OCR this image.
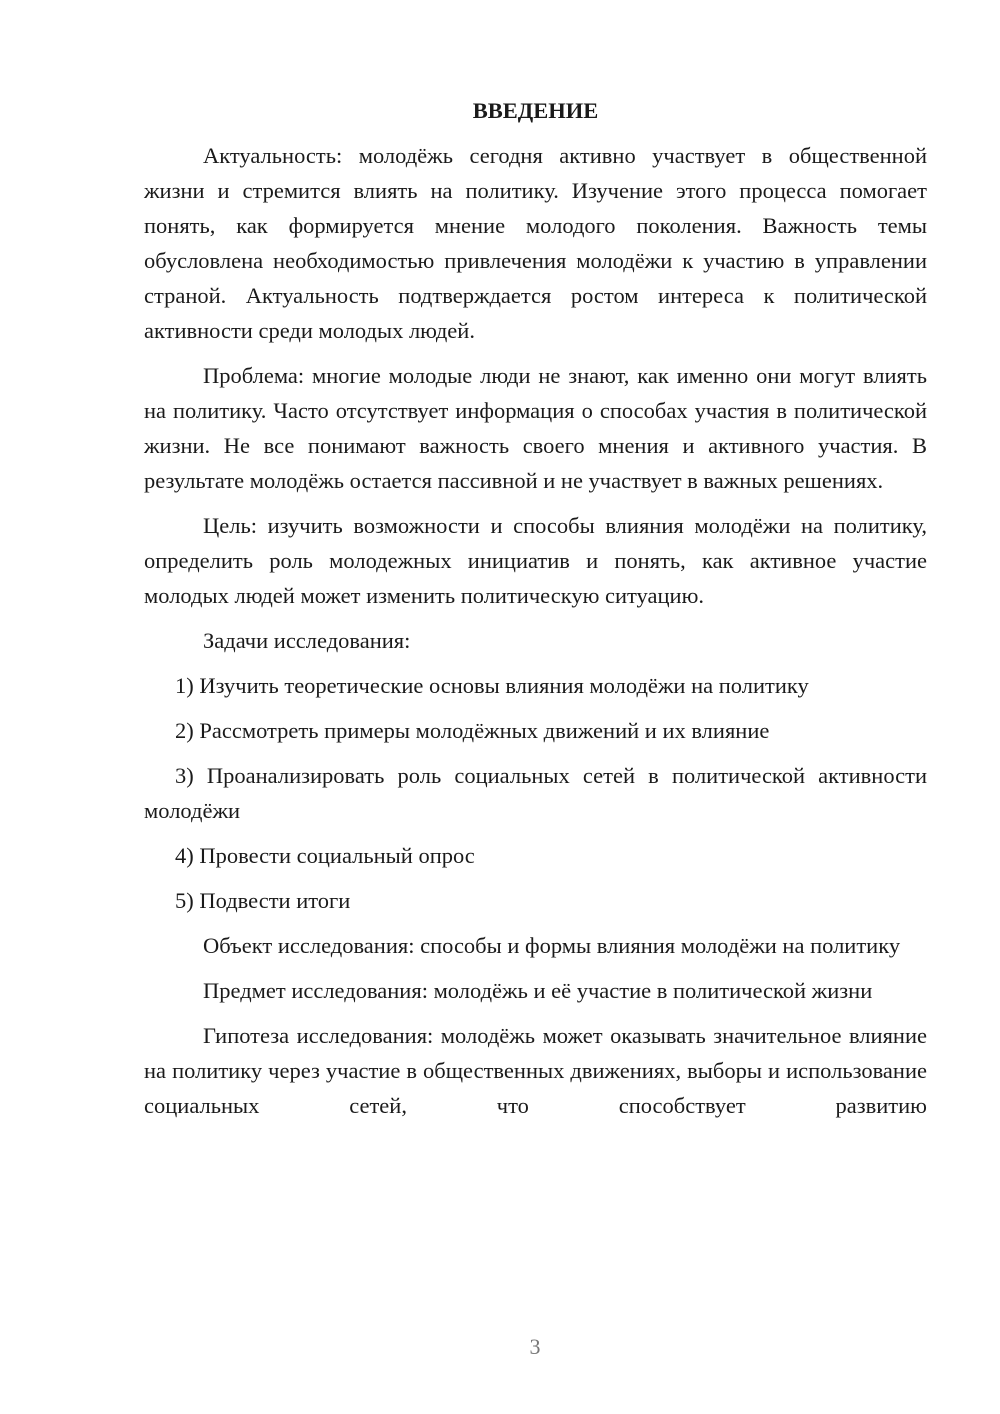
ВВЕДЕНИЕ

Актуальность: молодёжь сегодня активно участвует в общественной жизни и стремится влиять на политику. Изучение этого процесса помогает понять, как формируется мнение молодого поколения. Важность темы обусловлена необходимостью привлечения молодёжи к участию в управлении страной. Актуальность подтверждается ростом интереса к политической активности среди молодых людей.

Проблема: многие молодые люди не знают, как именно они могут влиять на политику. Часто отсутствует информация о способах участия в политической жизни. Не все понимают важность своего мнения и активного участия. В результате молодёжь остается пассивной и не участвует в важных решениях.

Цель: изучить возможности и способы влияния молодёжи на политику, определить роль молодежных инициатив и понять, как активное участие молодых людей может изменить политическую ситуацию.

Задачи исследования:

1) Изучить теоретические основы влияния молодёжи на политику

2) Рассмотреть примеры молодёжных движений и их влияние

3) Проанализировать роль социальных сетей в политической активности молодёжи

4) Провести социальный опрос

5) Подвести итоги

Объект исследования: способы и формы влияния молодёжи на политику

Предмет исследования: молодёжь и её участие в политической жизни

Гипотеза исследования: молодёжь может оказывать значительное влияние на политику через участие в общественных движениях, выборы и использование социальных сетей, что способствует развитию

3
